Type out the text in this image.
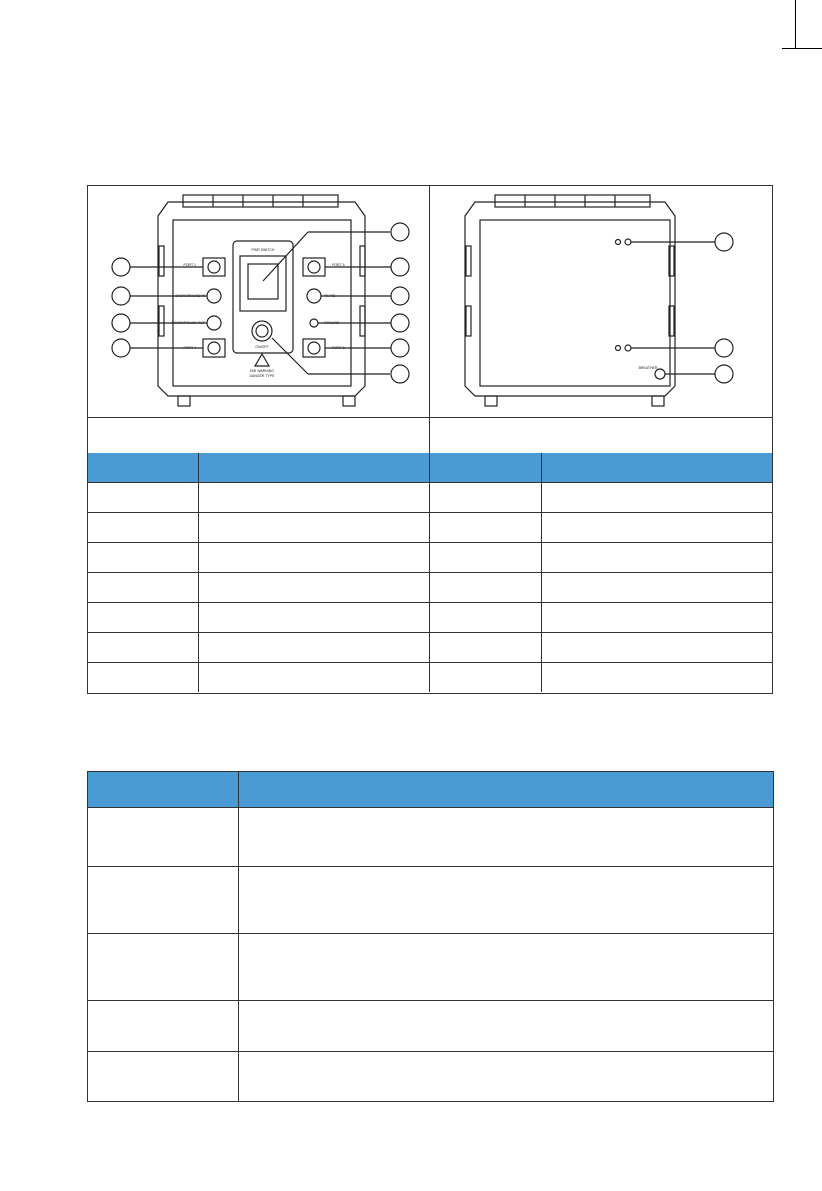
PWR SWITCH
PORT 1	PORT 5
BACKGROUND IN
BACKGROUND OUT
PORT 4
TX PID
GROUND
PORT 8
ON/OFF
EMI WARNING
DANGER TYPE
BREATHER
